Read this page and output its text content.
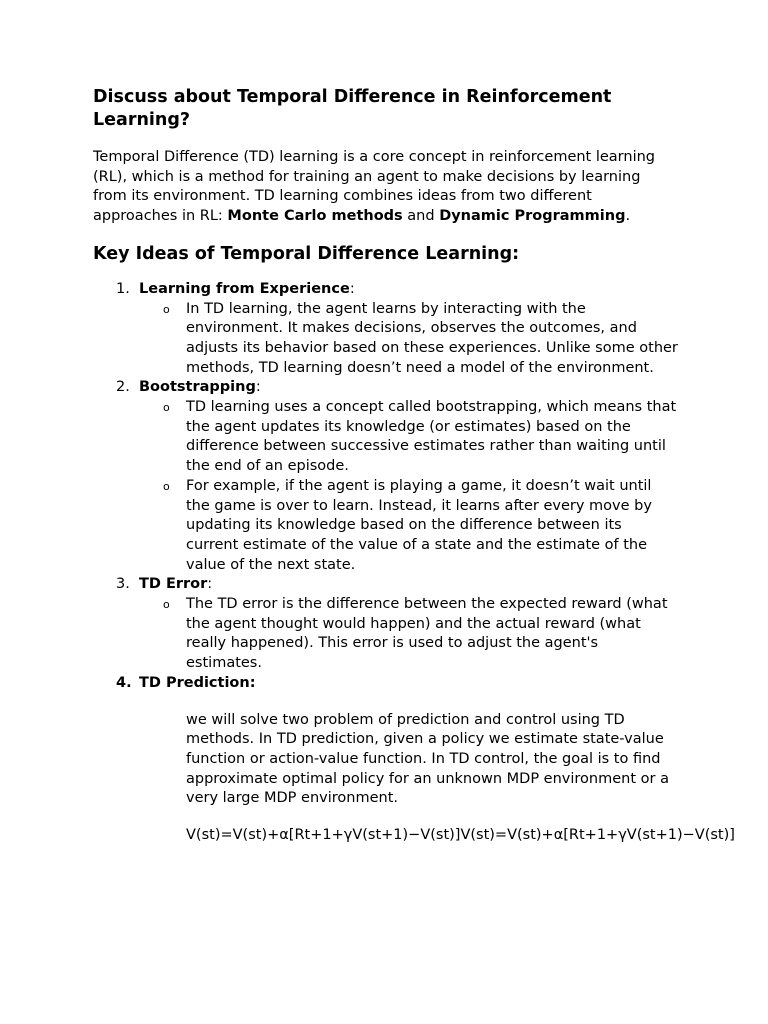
Discuss about Temporal Difference in Reinforcement Learning?

Temporal Difference (TD) learning is a core concept in reinforcement learning (RL), which is a method for training an agent to make decisions by learning from its environment. TD learning combines ideas from two different approaches in RL: Monte Carlo methods and Dynamic Programming.

Key Ideas of Temporal Difference Learning:
1. Learning from Experience:
o In TD learning, the agent learns by interacting with the environment. It makes decisions, observes the outcomes, and adjusts its behavior based on these experiences. Unlike some other methods, TD learning doesn’t need a model of the environment.
2. Bootstrapping:
o TD learning uses a concept called bootstrapping, which means that the agent updates its knowledge (or estimates) based on the difference between successive estimates rather than waiting until the end of an episode.
o For example, if the agent is playing a game, it doesn’t wait until the game is over to learn. Instead, it learns after every move by updating its knowledge based on the difference between its current estimate of the value of a state and the estimate of the value of the next state.
3. TD Error:
o The TD error is the difference between the expected reward (what the agent thought would happen) and the actual reward (what really happened). This error is used to adjust the agent's estimates.
4. TD Prediction:
we will solve two problem of prediction and control using TD methods. In TD prediction, given a policy we estimate state-value function or action-value function. In TD control, the goal is to find approximate optimal policy for an unknown MDP environment or a very large MDP environment.
V(st)=V(st)+α[Rt+1+γV(st+1)−V(st)]V(st)=V(st)+α[Rt+1+γV(st+1)−V(st)]
